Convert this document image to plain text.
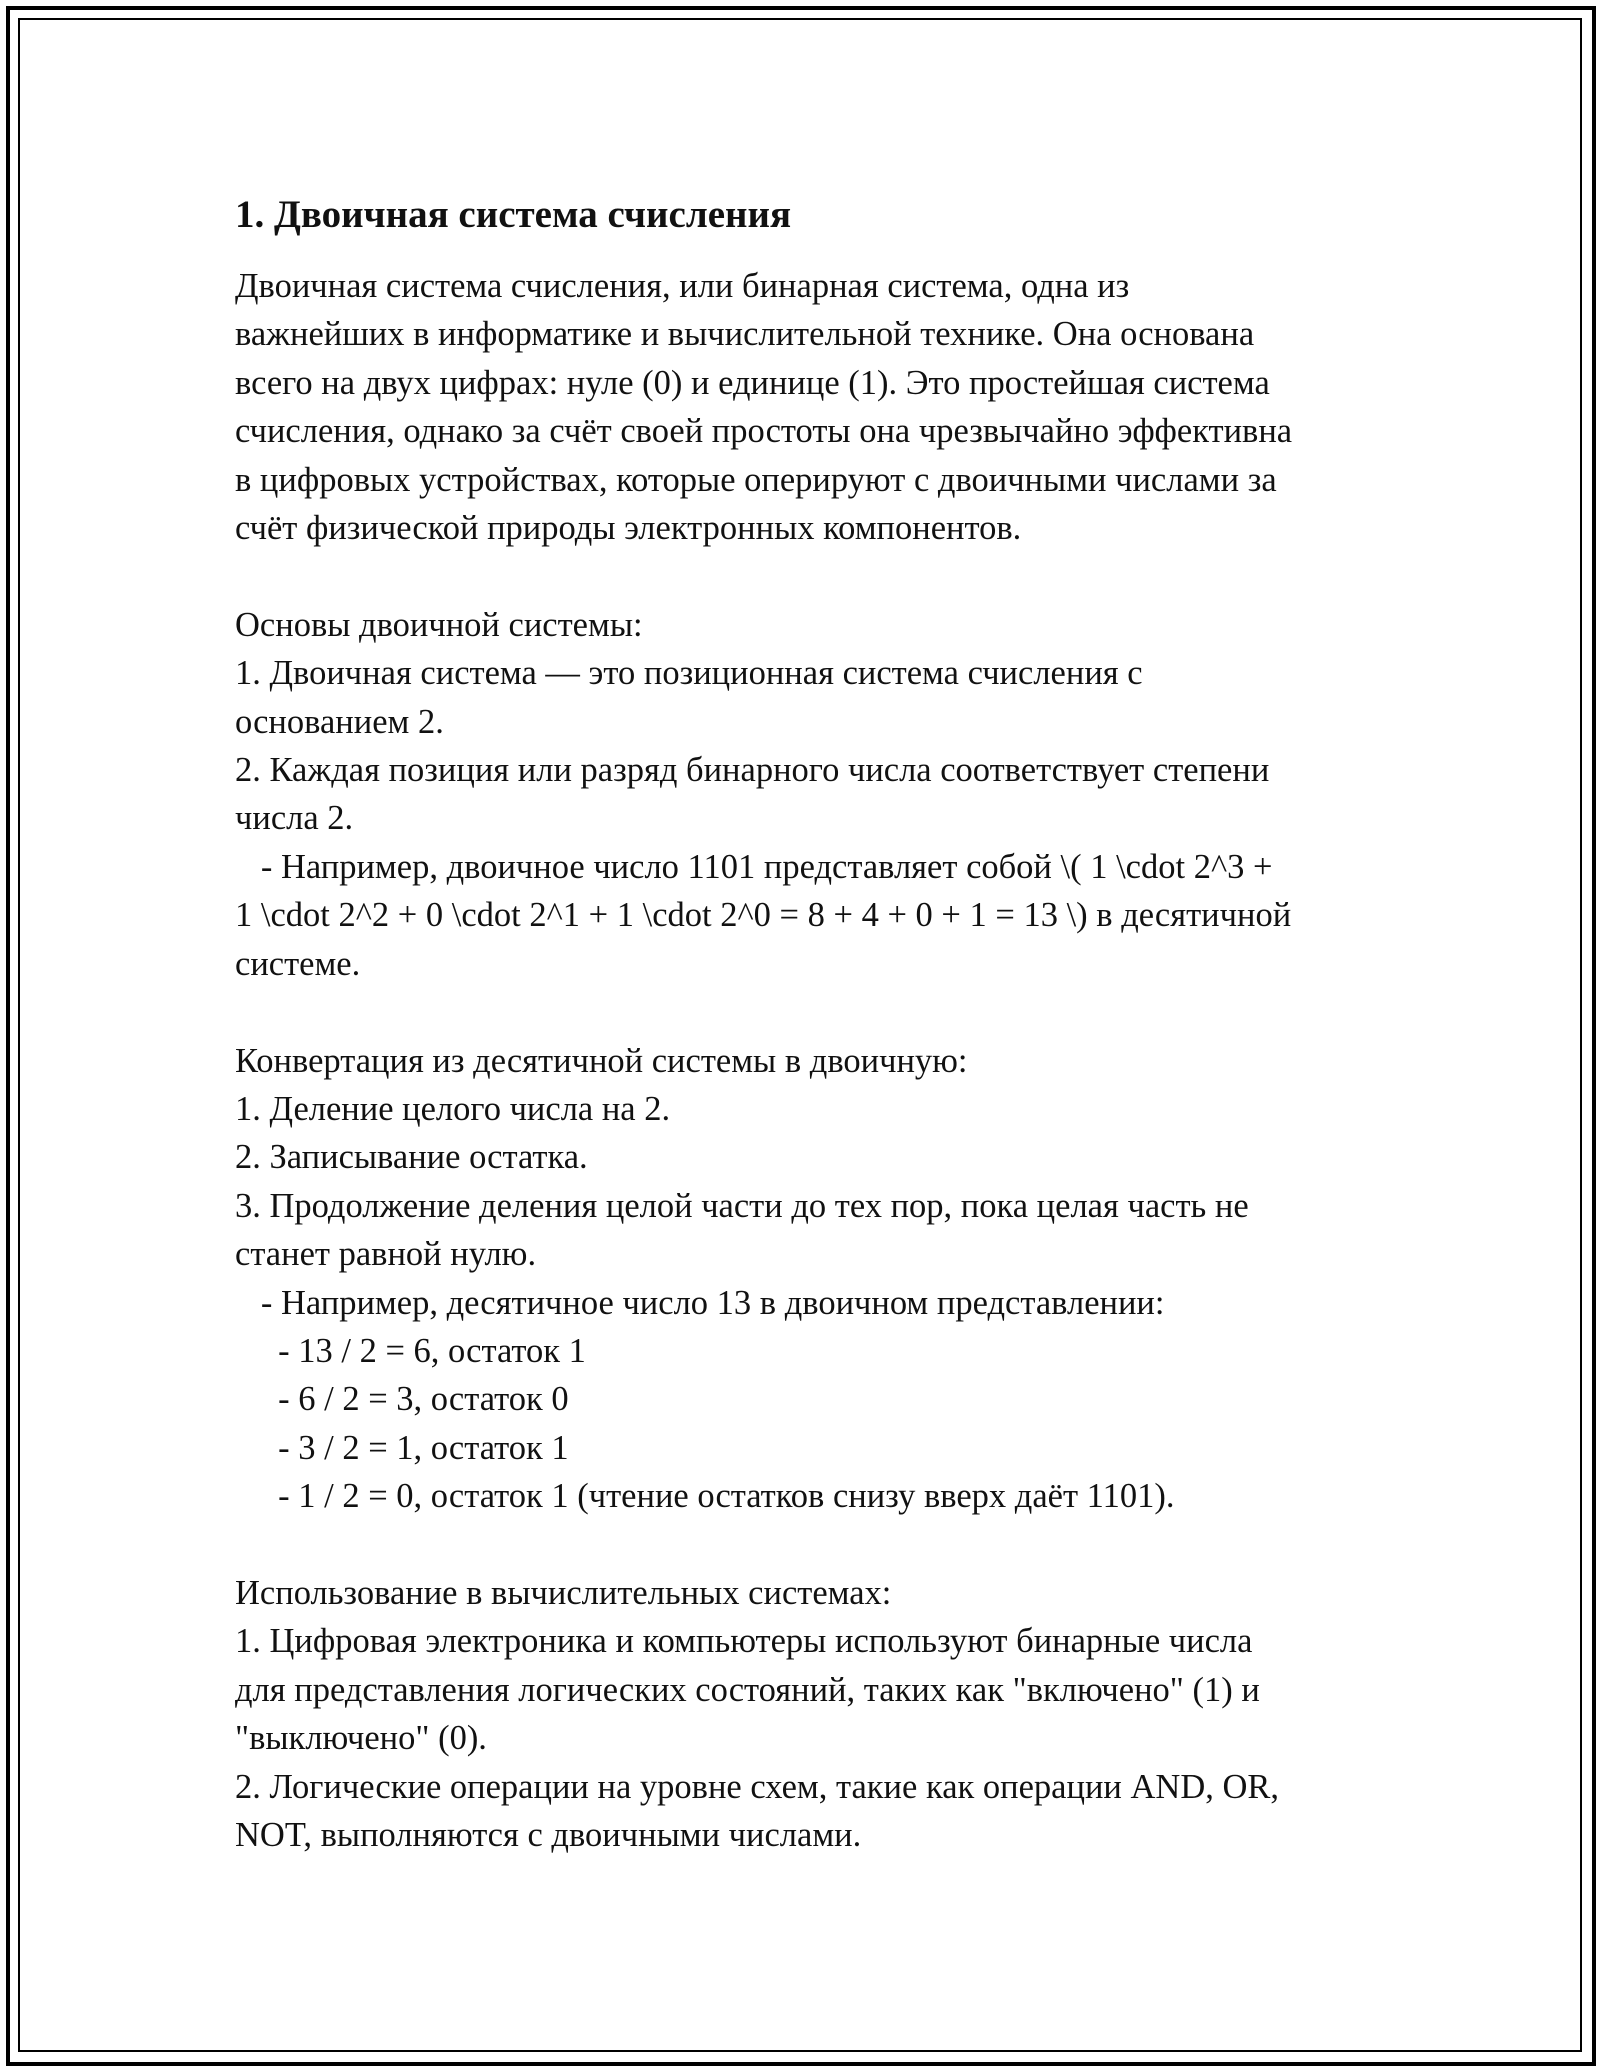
1. Двоичная система счисления

Двоичная система счисления, или бинарная система, одна из
важнейших в информатике и вычислительной технике. Она основана
всего на двух цифрах: нуле (0) и единице (1). Это простейшая система
счисления, однако за счёт своей простоты она чрезвычайно эффективна
в цифровых устройствах, которые оперируют с двоичными числами за
счёт физической природы электронных компонентов.

Основы двоичной системы:
1. Двоичная система — это позиционная система счисления с
основанием 2.
2. Каждая позиция или разряд бинарного числа соответствует степени
числа 2.
- Например, двоичное число 1101 представляет собой \( 1 \cdot 2^3 +
1 \cdot 2^2 + 0 \cdot 2^1 + 1 \cdot 2^0 = 8 + 4 + 0 + 1 = 13 \) в десятичной
системе.

Конвертация из десятичной системы в двоичную:
1. Деление целого числа на 2.
2. Записывание остатка.
3. Продолжение деления целой части до тех пор, пока целая часть не
станет равной нулю.
- Например, десятичное число 13 в двоичном представлении:
- 13 / 2 = 6, остаток 1
- 6 / 2 = 3, остаток 0
- 3 / 2 = 1, остаток 1
- 1 / 2 = 0, остаток 1 (чтение остатков снизу вверх даёт 1101).

Использование в вычислительных системах:
1. Цифровая электроника и компьютеры используют бинарные числа
для представления логических состояний, таких как "включено" (1) и
"выключено" (0).
2. Логические операции на уровне схем, такие как операции AND, OR,
NOT, выполняются с двоичными числами.
